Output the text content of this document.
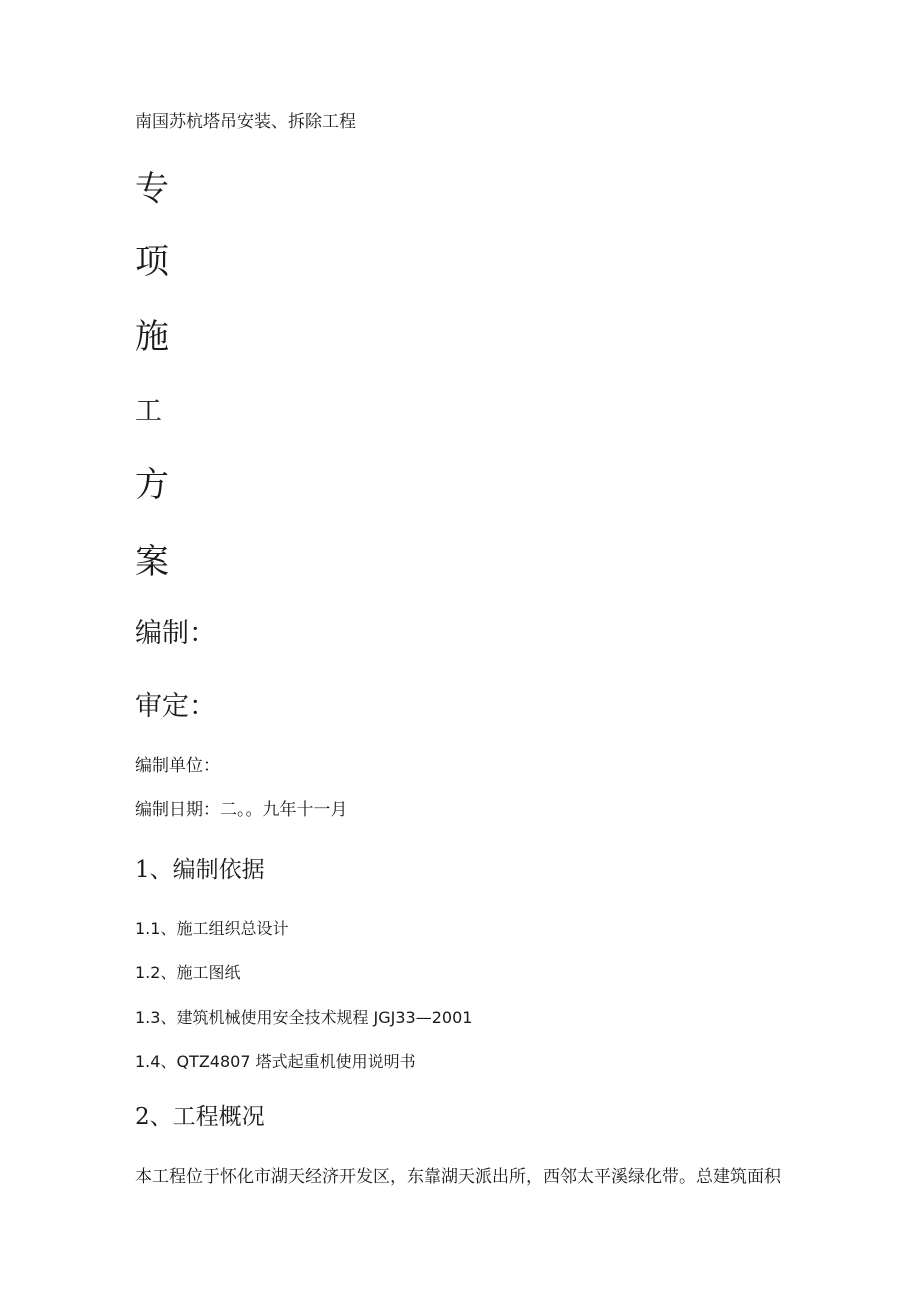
南国苏杭塔吊安装、拆除工程
专
项
施
工
方
案
编制：
审定：
编制单位：
编制日期：二。。九年十一月
1、编制依据
1.1、施工组织总设计
1.2、施工图纸
1.3、建筑机械使用安全技术规程 JGJ33—2001
1.4、QTZ4807 塔式起重机使用说明书
2、工程概况
本工程位于怀化市湖天经济开发区，东靠湖天派出所，西邻太平溪绿化带。总建筑面积
